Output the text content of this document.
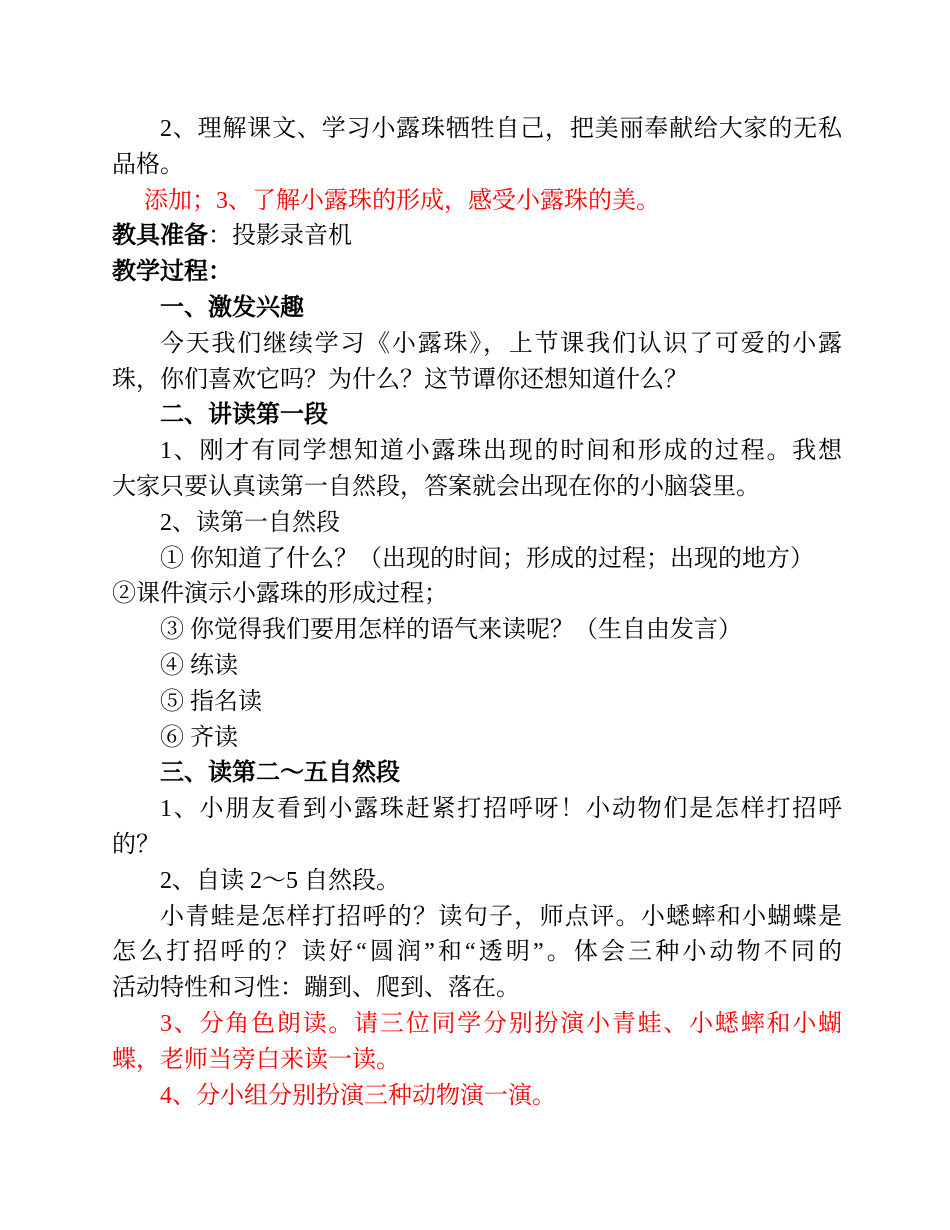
2、理解课文、学习小露珠牺牲自己，把美丽奉献给大家的无私
品格。
添加；3、了解小露珠的形成，感受小露珠的美。
教具准备：投影录音机
教学过程：
一、激发兴趣
今天我们继续学习《小露珠》，上节课我们认识了可爱的小露
珠，你们喜欢它吗？为什么？这节谭你还想知道什么？
二、讲读第一段
1、刚才有同学想知道小露珠出现的时间和形成的过程。我想
大家只要认真读第一自然段，答案就会出现在你的小脑袋里。
2、读第一自然段
① 你知道了什么？（出现的时间；形成的过程；出现的地方）
②课件演示小露珠的形成过程；
③ 你觉得我们要用怎样的语气来读呢？（生自由发言）
④ 练读
⑤ 指名读
⑥ 齐读
三、读第二～五自然段
1、小朋友看到小露珠赶紧打招呼呀！小动物们是怎样打招呼
的？
2、自读 2～5 自然段。
小青蛙是怎样打招呼的？读句子，师点评。小蟋蟀和小蝴蝶是
怎么打招呼的？读好“圆润”和“透明”。体会三种小动物不同的
活动特性和习性：蹦到、爬到、落在。
3、分角色朗读。请三位同学分别扮演小青蛙、小蟋蟀和小蝴
蝶，老师当旁白来读一读。
4、分小组分别扮演三种动物演一演。
